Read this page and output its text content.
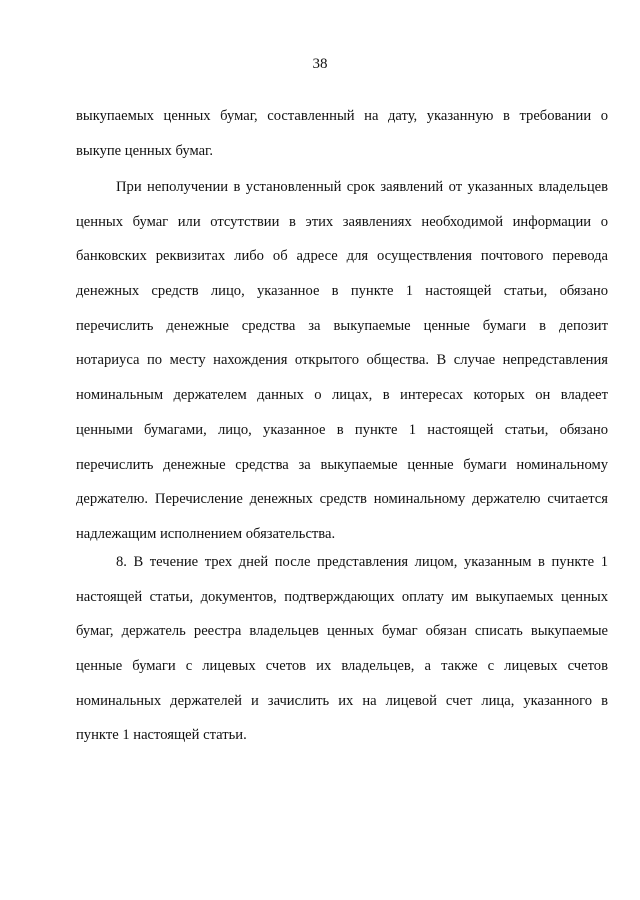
38

выкупаемых ценных бумаг, составленный на дату, указанную в требовании о
выкупе ценных бумаг.

При неполучении в установленный срок заявлений от указанных владельцев
ценных бумаг или отсутствии в этих заявлениях необходимой информации о
банковских реквизитах либо об адресе для осуществления почтового перевода
денежных средств лицо, указанное в пункте 1 настоящей статьи, обязано
перечислить денежные средства за выкупаемые ценные бумаги в депозит
нотариуса по месту нахождения открытого общества. В случае непредставления
номинальным держателем данных о лицах, в интересах которых он владеет
ценными бумагами, лицо, указанное в пункте 1 настоящей статьи, обязано
перечислить денежные средства за выкупаемые ценные бумаги номинальному
держателю. Перечисление денежных средств номинальному держателю считается
надлежащим исполнением обязательства.

8. В течение трех дней после представления лицом, указанным в пункте 1
настоящей статьи, документов, подтверждающих оплату им выкупаемых ценных
бумаг, держатель реестра владельцев ценных бумаг обязан списать выкупаемые
ценные бумаги с лицевых счетов их владельцев, а также с лицевых счетов
номинальных держателей и зачислить их на лицевой счет лица, указанного в
пункте 1 настоящей статьи.
